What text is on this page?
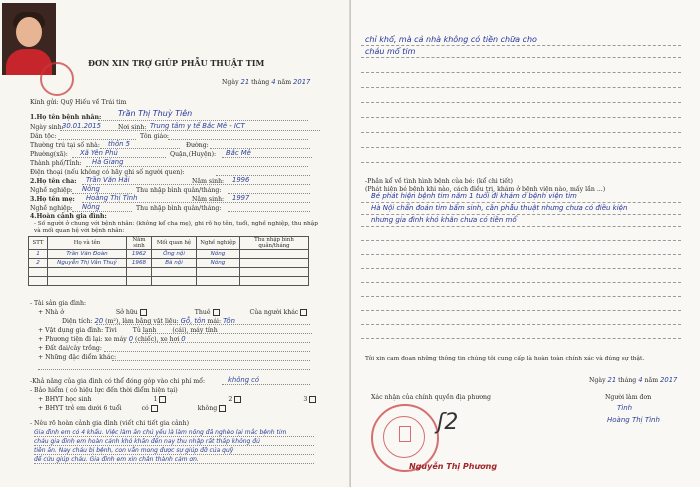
ĐƠN XIN TRỢ GIÚP PHẪU THUẬT TIM
Ngày 21 tháng 4 năm 2017
Kính gửi: Quỹ Hiếu về Trái tim
1.Họ tên bệnh nhân: Trần Thị Thuỳ Tiên
Ngày sinh:
30.01.2015	Nơi sinh: Trung tâm y tế Bắc Mê - ICT
Dân tộc:	Tôn giáo:
Thường trú tại số nhà: thôn 5	Đường:
Phường(xã): Xã Yên Phú	Quận,(Huyện): Bắc Mê
Thành phố/Tỉnh: Hà Giang
Điện thoại (nếu không có hãy ghi số người quen):
2.Họ tên cha: Trần Văn Hải	Năm sinh: 1996
Nghề nghiệp: Nông	Thu nhập bình quân/tháng:
3.Họ tên mẹ: Hoàng Thị Tình	Năm sinh: 1997
Nghề nghiệp: Nông	Thu nhập bình quân/tháng:
4.Hoàn cảnh gia đình:
- Số người ở chung với bệnh nhân: (không kể cha mẹ), ghi rõ họ tên, tuổi, nghề nghiệp, thu nhập
và mối quan hệ với bệnh nhân:
STT	Họ và tên	Năm sinh	Mối quan hệ	Nghề nghiệp	Thu nhập bình quân/tháng
1	Trần Văn Đoàn	1962	Ông nội	Nông	
2	Nguyễn Thị Vân Thuý	1968	Bà nội	Nông	

- Tài sản gia đình:
+ Nhà ở	Sở hữu	Thuê	Của người khác
Diện tích: 20 (m²), làm bằng vật liệu: Gỗ, tôn mái: Tôn
+ Vật dụng gia đình: Tivi	Tủ lạnh	(cái), máy tính
+ Phương tiện đi lại: xe máy 0 (chiếc), xe hơi 0
+ Đất đai/cây trồng:
+ Những đặc điểm khác:
-Khả năng của gia đình có thể đóng góp vào chi phí mổ:	không có
- Bảo hiểm ( có hiệu lực đến thời điểm hiện tại)
+ BHYT học sinh	1	2	3
+ BHYT trẻ em dưới 6 tuổi	có	không
- Nêu rõ hoàn cảnh gia đình (viết chi tiết gia cảnh)
Gia đình em có 4 khẩu. Việc làm ăn chủ yếu là làm nông đã nghèo lại mắc bệnh tim
cháu gia đình em hoàn cảnh khó khăn đến nay thu nhập rất thấp không đủ
tiền ăn. Nay cháu bị bệnh, con vẫn mong được sự giúp đỡ của quỹ
để cứu giúp cháu. Gia đình em xin chân thành cảm ơn.
chỉ khổ, mà cả nhà không có tiền chữa cho
cháu mổ tim
-Phần kể về tình hình bệnh của bé: (kể chi tiết)
(Phát hiện bé bệnh khi nào, cách điều trị, khám ở bệnh viện nào, mấy lần ...)
Bé phát hiện bệnh tim năm 1 tuổi đi khám ở bệnh viện tim
Hà Nội chẩn đoán tim bẩm sinh, cần phẫu thuật nhưng chưa có điều kiện
nhưng gia đình khó khăn chưa có tiền mổ
Tôi xin cam đoan những thông tin chúng tôi cung cấp là hoàn toàn chính xác và đúng sự thật.
Ngày 21 tháng 4 năm 2017
Xác nhận của chính quyền địa phương	Người làm đơn
ʃ2
Nguyễn Thị Phương
Tình
Hoàng Thị Tình
